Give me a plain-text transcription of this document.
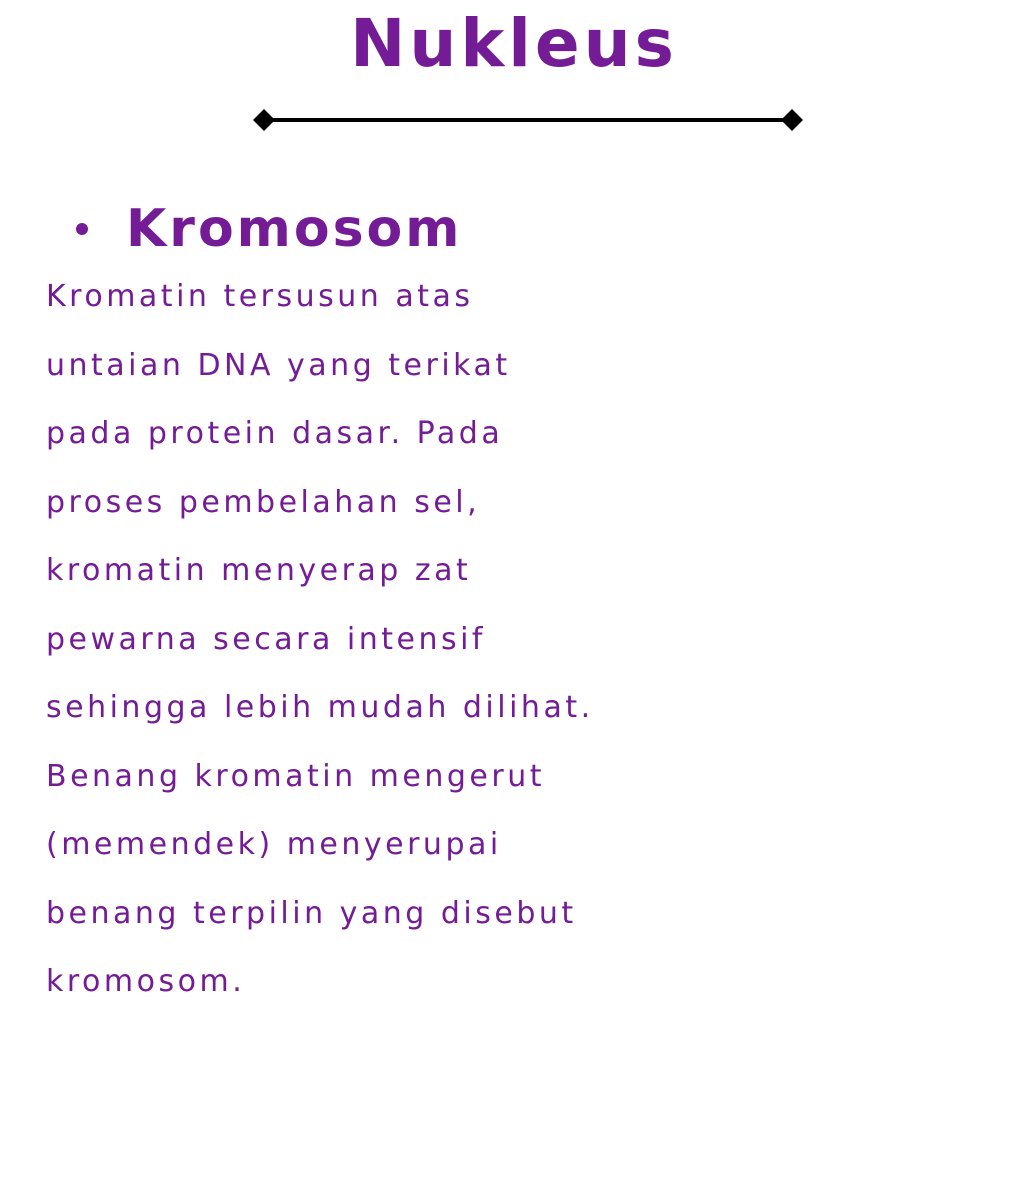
Nukleus
Kromosom

Kromatin tersusun atas
untaian DNA yang terikat
pada protein dasar. Pada
proses pembelahan sel,
kromatin menyerap zat
pewarna secara intensif
sehingga lebih mudah dilihat.
Benang kromatin mengerut
(memendek) menyerupai
benang terpilin yang disebut
kromosom.
